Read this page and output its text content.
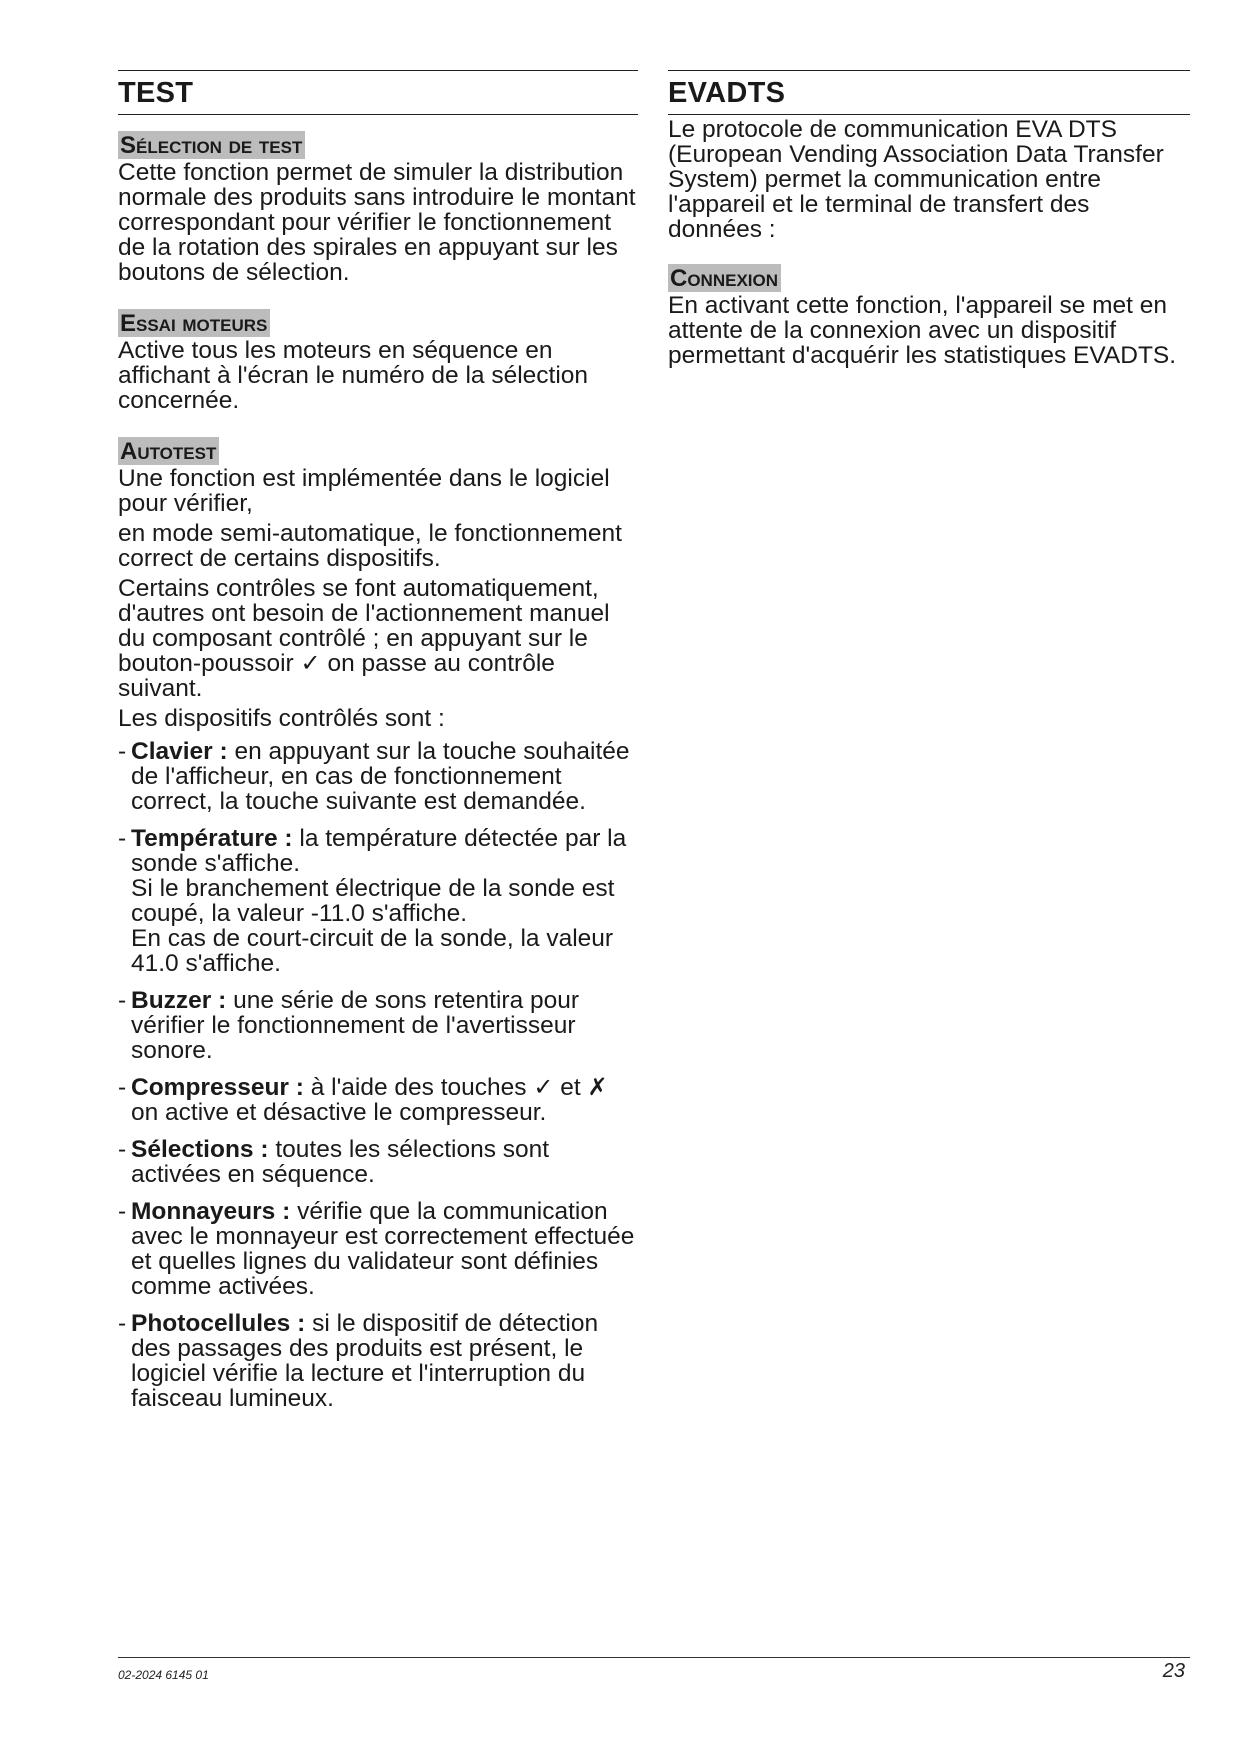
TEST
Sélection de test

Cette fonction permet de simuler la distribution normale des produits sans introduire le montant correspondant pour vérifier le fonctionnement de la rotation des spirales en appuyant sur les boutons de sélection.

Essai moteurs

Active tous les moteurs en séquence en affichant à l'écran le numéro de la sélection concernée.

Autotest

Une fonction est implémentée dans le logiciel pour vérifier,

en mode semi-automatique, le fonctionnement correct de certains dispositifs.

Certains contrôles se font automatiquement, d'autres ont besoin de l'actionnement manuel du composant contrôlé ; en appuyant sur le bouton-poussoir ✓ on passe au contrôle suivant.

Les dispositifs contrôlés sont :

- Clavier : en appuyant sur la touche souhaitée de l'afficheur, en cas de fonctionnement correct, la touche suivante est demandée.
- Température : la température détectée par la sonde s'affiche.
Si le branchement électrique de la sonde est coupé, la valeur -11.0 s'affiche.
En cas de court-circuit de la sonde, la valeur 41.0 s'affiche.
- Buzzer : une série de sons retentira pour vérifier le fonctionnement de l'avertisseur sonore.
- Compresseur : à l'aide des touches ✓ et ✗ on active et désactive le compresseur.
- Sélections : toutes les sélections sont activées en séquence.
- Monnayeurs : vérifie que la communication avec le monnayeur est correctement effectuée et quelles lignes du validateur sont définies comme activées.
- Photocellules : si le dispositif de détection des passages des produits est présent, le logiciel vérifie la lecture et l'interruption du faisceau lumineux.
EVADTS

Le protocole de communication EVA DTS (European Vending Association Data Transfer System) permet la communication entre l'appareil et le terminal de transfert des données :

Connexion

En activant cette fonction, l'appareil se met en attente de la connexion avec un dispositif permettant d'acquérir les statistiques EVADTS.

02-2024 6145 01	23
